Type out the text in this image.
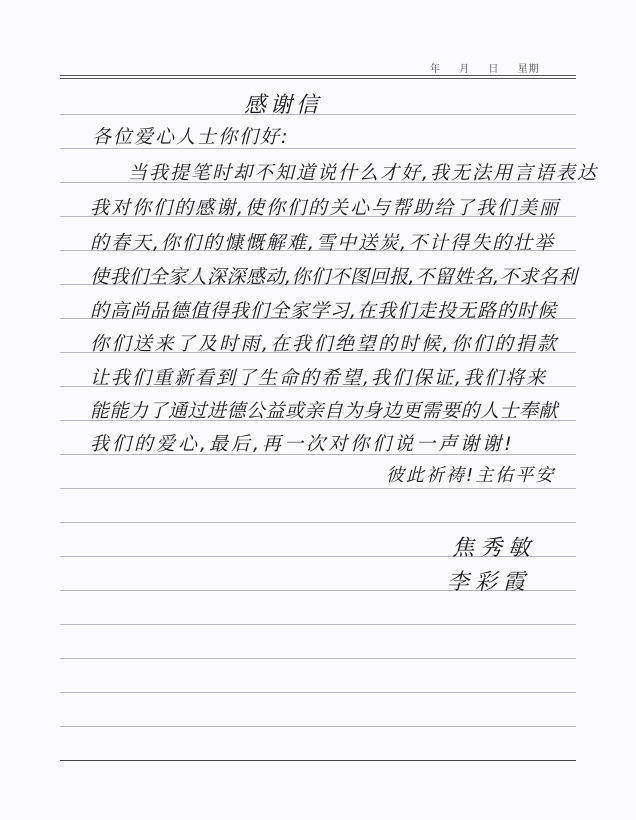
年 月 日 星期
感谢信
各位爱心人士你们好:
当我提笔时却不知道说什么才好,我无法用言语表达
我对你们的感谢,使你们的关心与帮助给了我们美丽
的春天,你们的慷慨解难,雪中送炭,不计得失的壮举
使我们全家人深深感动,你们不图回报,不留姓名,不求名利
的高尚品德值得我们全家学习,在我们走投无路的时候
你们送来了及时雨,在我们绝望的时候,你们的捐款
让我们重新看到了生命的希望,我们保证,我们将来
能能力了通过进德公益或亲自为身边更需要的人士奉献
我们的爱心,最后,再一次对你们说一声谢谢!
彼此祈祷!主佑平安
焦秀敏
李彩霞
